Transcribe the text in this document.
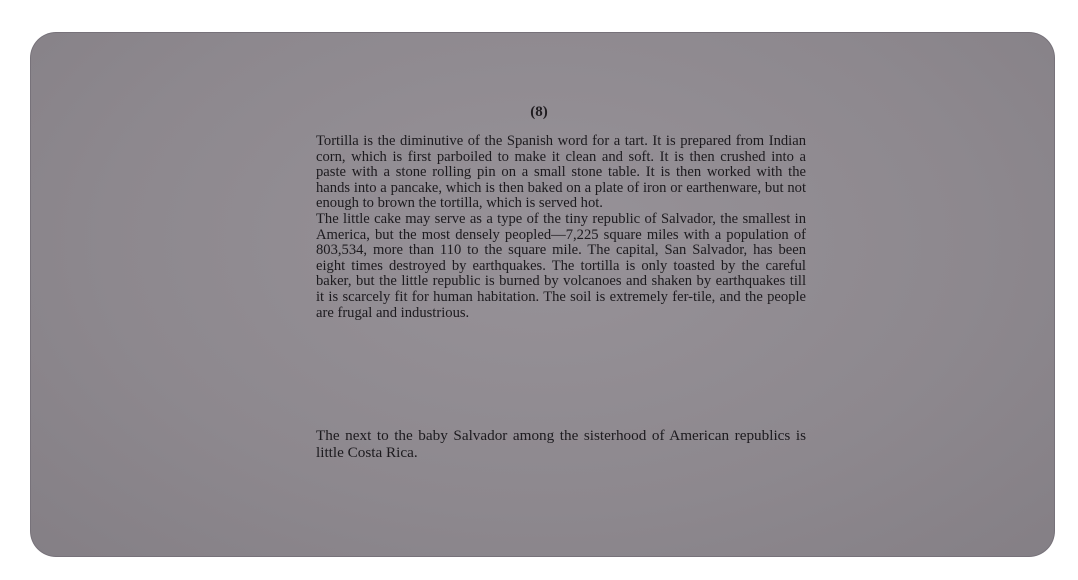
(8)

Tortilla is the diminutive of the Spanish word for a tart. It is prepared from Indian corn, which is first parboiled to make it clean and soft. It is then crushed into a paste with a stone rolling pin on a small stone table. It is then worked with the hands into a pancake, which is then baked on a plate of iron or earthenware, but not enough to brown the tortilla, which is served hot.

The little cake may serve as a type of the tiny republic of Salvador, the smallest in America, but the most densely peopled—7,225 square miles with a population of 803,534, more than 110 to the square mile. The capital, San Salvador, has been eight times destroyed by earthquakes. The tortilla is only toasted by the careful baker, but the little republic is burned by volcanoes and shaken by earthquakes till it is scarcely fit for human habitation. The soil is extremely fer-tile, and the people are frugal and industrious.

The next to the baby Salvador among the sisterhood of American republics is little Costa Rica.
